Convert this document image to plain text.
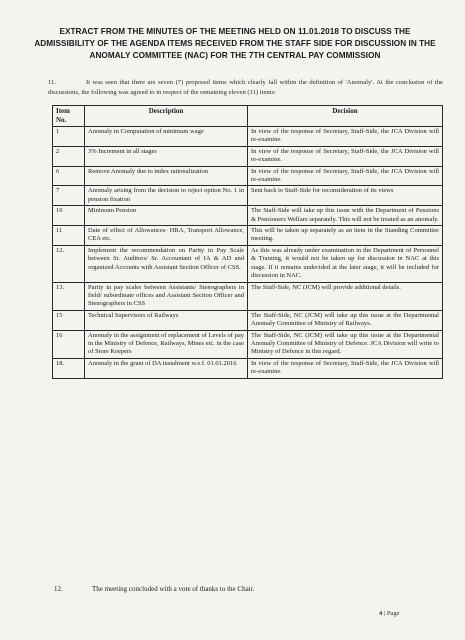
EXTRACT FROM THE MINUTES OF THE MEETING HELD ON 11.01.2018 TO DISCUSS THE ADMISSIBILITY OF THE AGENDA ITEMS RECEIVED FROM THE STAFF SIDE FOR DISCUSSION IN THE ANOMALY COMMITTEE (NAC) FOR THE 7TH CENTRAL PAY COMMISSION
11.	It was seen that there are seven (7) proposed items which clearly fall within the definition of 'Anomaly'. At the conclusion of the discussions, the following was agreed to in respect of the remaining eleven (11) items:
Item No.	Description	Decision
1	Anomaly in Computation of minimum wage	In view of the response of Secretary, Staff-Side, the JCA Division will re-examine.
2	3% Increment in all stages	In view of the response of Secretary, Staff-Side, the JCA Division will re-examine.
6	Remove Anomaly due to index rationalization	In view of the response of Secretary, Staff-Side, the JCA Division will re-examine.
7	Anomaly arising from the decision to reject option No. 1 in pension fixation	Sent back to Staff-Side for reconsideration of its views
10	Minimum Pension	The Staff-Side will take up this issue with the Department of Pensions & Pensioners Welfare separately. This will not be treated as an anomaly.
11	Date of effect of Allowances- HRA, Transport Allowance, CEA etc.	This will be taken up separately as an item in the Standing Committee meeting.
12.	Implement the recommendation on Parity in Pay Scale between Sr. Auditors/ Sr. Accountant of IA & AD and organized Accounts with Assistant Section Officer of CSS.	As this was already under examination in the Department of Personnel & Training, it would not be taken up for discussion in NAC at this stage. If it remains undecided at the later stage, it will be included for discussion in NAC.
13.	Parity in pay scales between Assistants/ Stenographers in field/ subordinate offices and Assistant Section Officer and Stenographers in CSS	The Staff-Side, NC (JCM) will provide additional details.
15	Technical Supervisors of Railways	The Staff-Side, NC (JCM) will take up this issue at the Departmental Anomaly Committee of Ministry of Railways.
16	Anomaly in the assignment of replacement of Levels of pay in the Ministry of Defence, Railways, Mines etc. in the case of Store Keepers	The Staff-Side, NC (JCM) will take up this issue at the Departmental Anomaly Committee of Ministry of Defence. JCA Division will write to Ministry of Defence in this regard.
18.	Anomaly in the grant of DA instalment w.e.f. 01.01.2016	In view of the response of Secretary, Staff-Side, the JCA Division will re-examine.
12.	The meeting concluded with a vote of thanks to the Chair.
4 | Page
